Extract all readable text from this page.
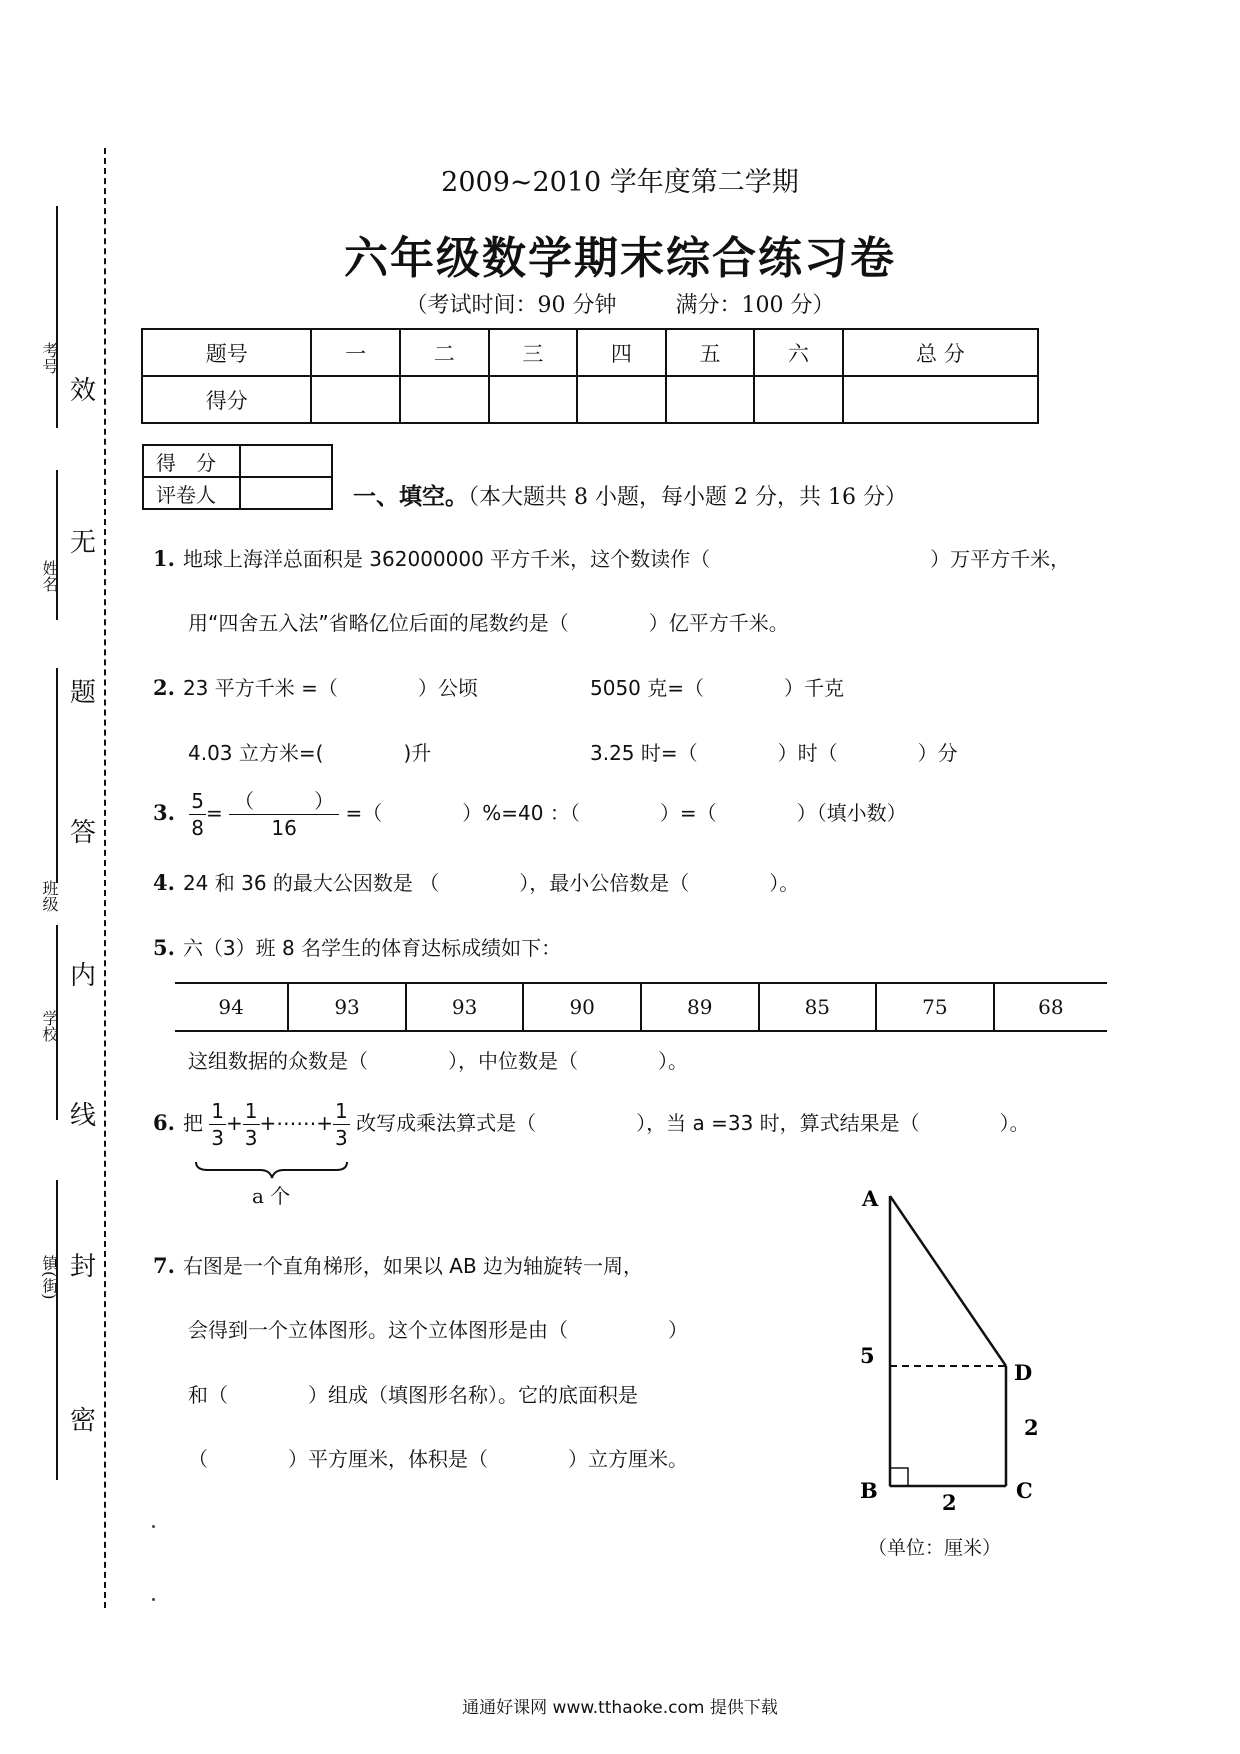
考号
姓名
班级
学校
镇(街)
效
无
题
答
内
线
封
密
2009~2010 学年度第二学期
六年级数学期末综合练习卷
（考试时间：90 分钟	满分：100 分）
题号	一	二	三	四	五	六	总 分
得分							
得　分	
评卷人		一、填空。（本大题共 8 小题，每小题 2 分，共 16 分）
1. 地球上海洋总面积是 362000000 平方千米，这个数读作（　　　　　　　　　　　）万平方千米，
用“四舍五入法”省略亿位后面的尾数约是（　　　　）亿平方千米。
2. 23 平方千米 =（　　　　）公顷	5050 克=（　　　　）千克
4.03 立方米=(　　　　)升	3.25 时=（　　　　）时（　　　　）分
3. $\frac{5}{8} = \frac{( )}{16}$ =（　　　　）%=40 ：（　　　　）=（　　　　）（填小数）
4. 24 和 36 的最大公因数是 （　　　　），最小公倍数是（　　　　）。
5. 六（3）班 8 名学生的体育达标成绩如下：
94	93	93	90	89	85	75	68
这组数据的众数是（　　　　），中位数是（　　　　）。
6. 把 $\frac{1}{3} + \frac{1}{3}$ +⋯⋯+ $\frac{1}{3}$ 改写成乘法算式是（　　　　　），当 a =33 时，算式结果是（　　　　）。
a 个
7. 右图是一个直角梯形，如果以 AB 边为轴旋转一周，
会得到一个立体图形。这个立体图形是由（　　　　　）
和（　　　　）组成（填图形名称）。它的底面积是
（　　　　）平方厘米，体积是（　　　　）立方厘米。
A
B	C
D
5
2
2
（单位：厘米）
通通好课网 www.tthaoke.com 提供下载
